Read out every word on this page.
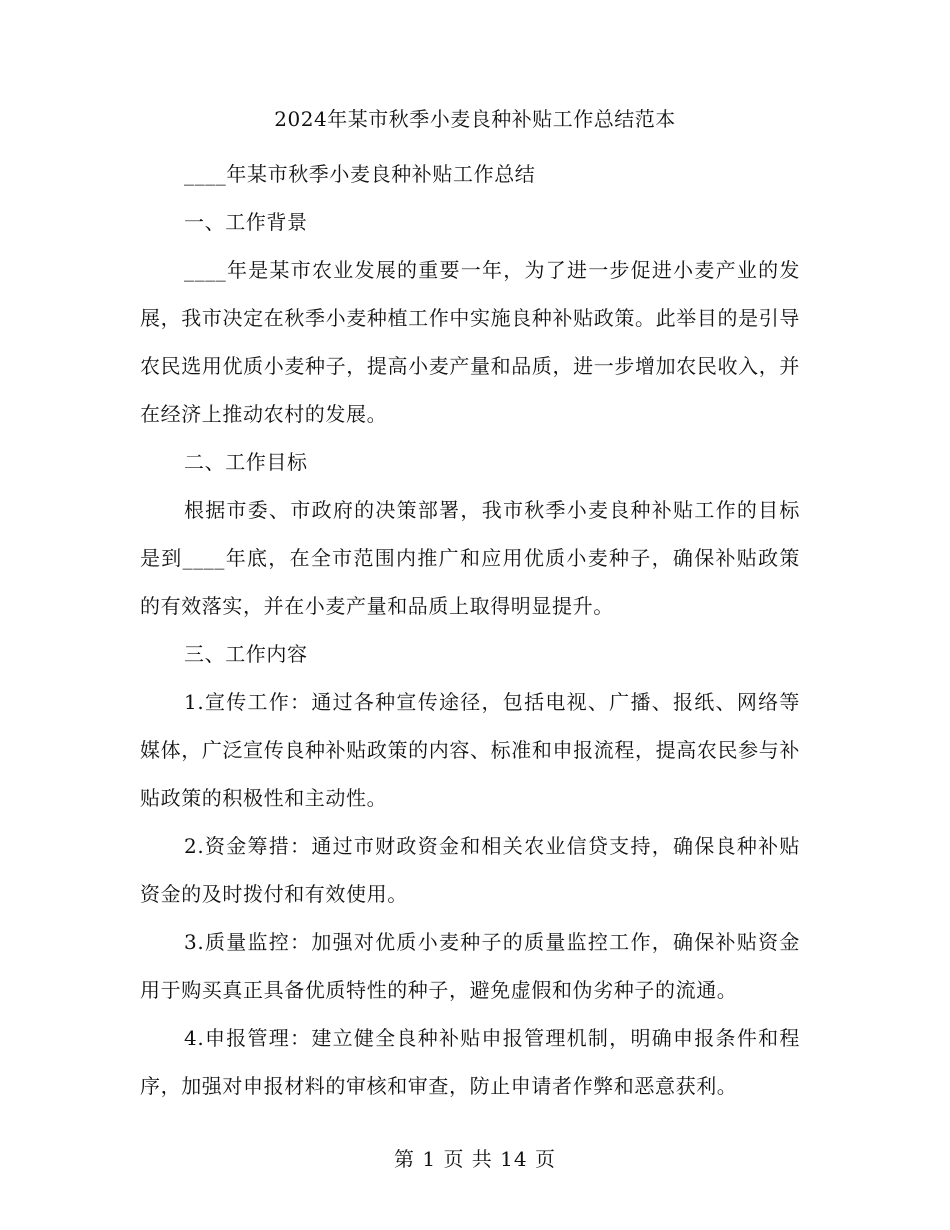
2024年某市秋季小麦良种补贴工作总结范本

____年某市秋季小麦良种补贴工作总结

一、工作背景

____年是某市农业发展的重要一年，为了进一步促进小麦产业的发展，我市决定在秋季小麦种植工作中实施良种补贴政策。此举目的是引导农民选用优质小麦种子，提高小麦产量和品质，进一步增加农民收入，并在经济上推动农村的发展。

二、工作目标

根据市委、市政府的决策部署，我市秋季小麦良种补贴工作的目标是到____年底，在全市范围内推广和应用优质小麦种子，确保补贴政策的有效落实，并在小麦产量和品质上取得明显提升。

三、工作内容

1.宣传工作：通过各种宣传途径，包括电视、广播、报纸、网络等媒体，广泛宣传良种补贴政策的内容、标准和申报流程，提高农民参与补贴政策的积极性和主动性。

2.资金筹措：通过市财政资金和相关农业信贷支持，确保良种补贴资金的及时拨付和有效使用。

3.质量监控：加强对优质小麦种子的质量监控工作，确保补贴资金用于购买真正具备优质特性的种子，避免虚假和伪劣种子的流通。

4.申报管理：建立健全良种补贴申报管理机制，明确申报条件和程序，加强对申报材料的审核和审查，防止申请者作弊和恶意获利。

第 1 页 共 14 页
